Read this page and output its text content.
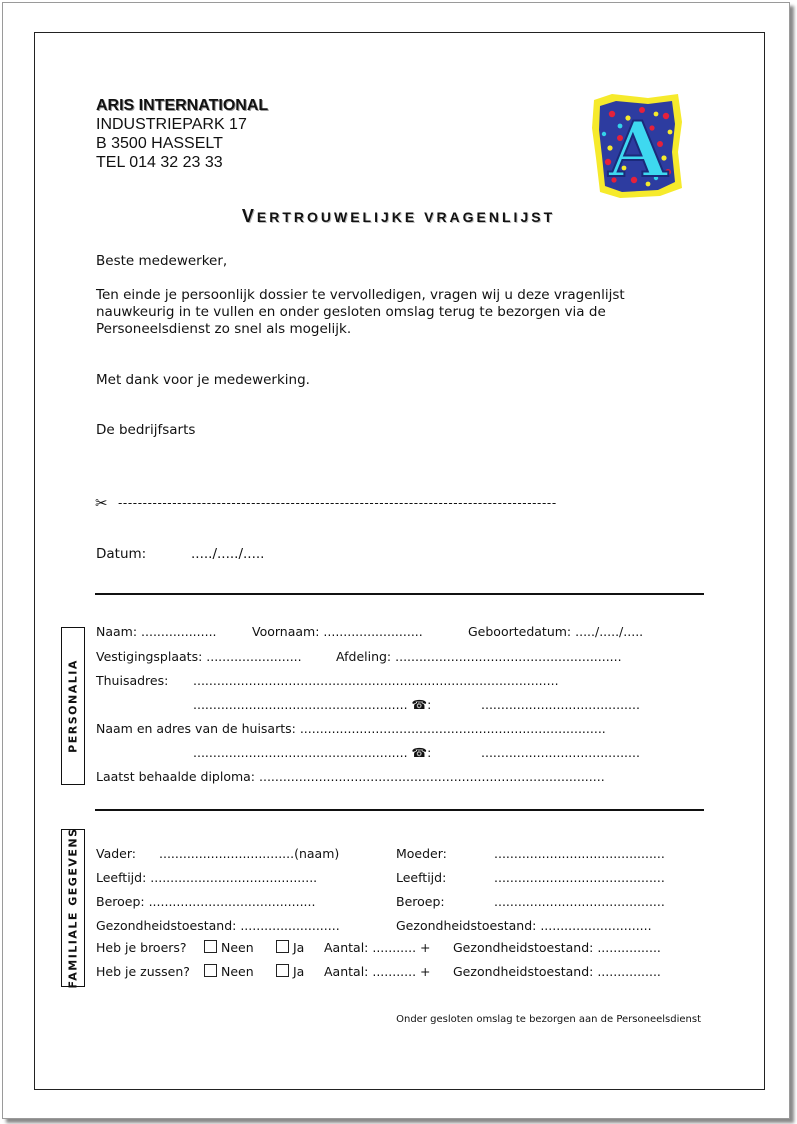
ARIS INTERNATIONAL
INDUSTRIEPARK 17
B 3500 HASSELT
TEL 014 32 23 33	A
VERTROUWELIJKE VRAGENLIJST
Beste medewerker,
Ten einde je persoonlijk dossier te vervolledigen, vragen wij u deze vragenlijst
nauwkeurig in te vullen en onder gesloten omslag terug te bezorgen via de
Personeelsdienst zo snel als mogelijk.
Met dank voor je medewerking.
De bedrijfsarts
✂ -----------------------------------------------------------------------------------------
Datum:	...../...../.....
PERSONALIA
Naam: ...................	Voornaam: .........................	Geboortedatum: ...../...../.....
Vestigingsplaats: ........................	Afdeling: .........................................................
Thuisadres: ............................................................................................
...................................................... ☎:	........................................
Naam en adres van de huisarts: .............................................................................
...................................................... ☎:	........................................
Laatst behaalde diploma: .......................................................................................
FAMILIALE GEGEVENS Vader: ..................................(naam)	Moeder:	...........................................
Leeftijd: ..........................................	Leeftijd:	...........................................
Beroep: ..........................................	Beroep:	...........................................
Gezondheidstoestand: .........................	Gezondheidstoestand: ............................
Heb je broers?	Neen	Ja Aantal: ........... + Gezondheidstoestand: ................
Heb je zussen?	Neen	Ja Aantal: ........... + Gezondheidstoestand: ................
Onder gesloten omslag te bezorgen aan de Personeelsdienst
